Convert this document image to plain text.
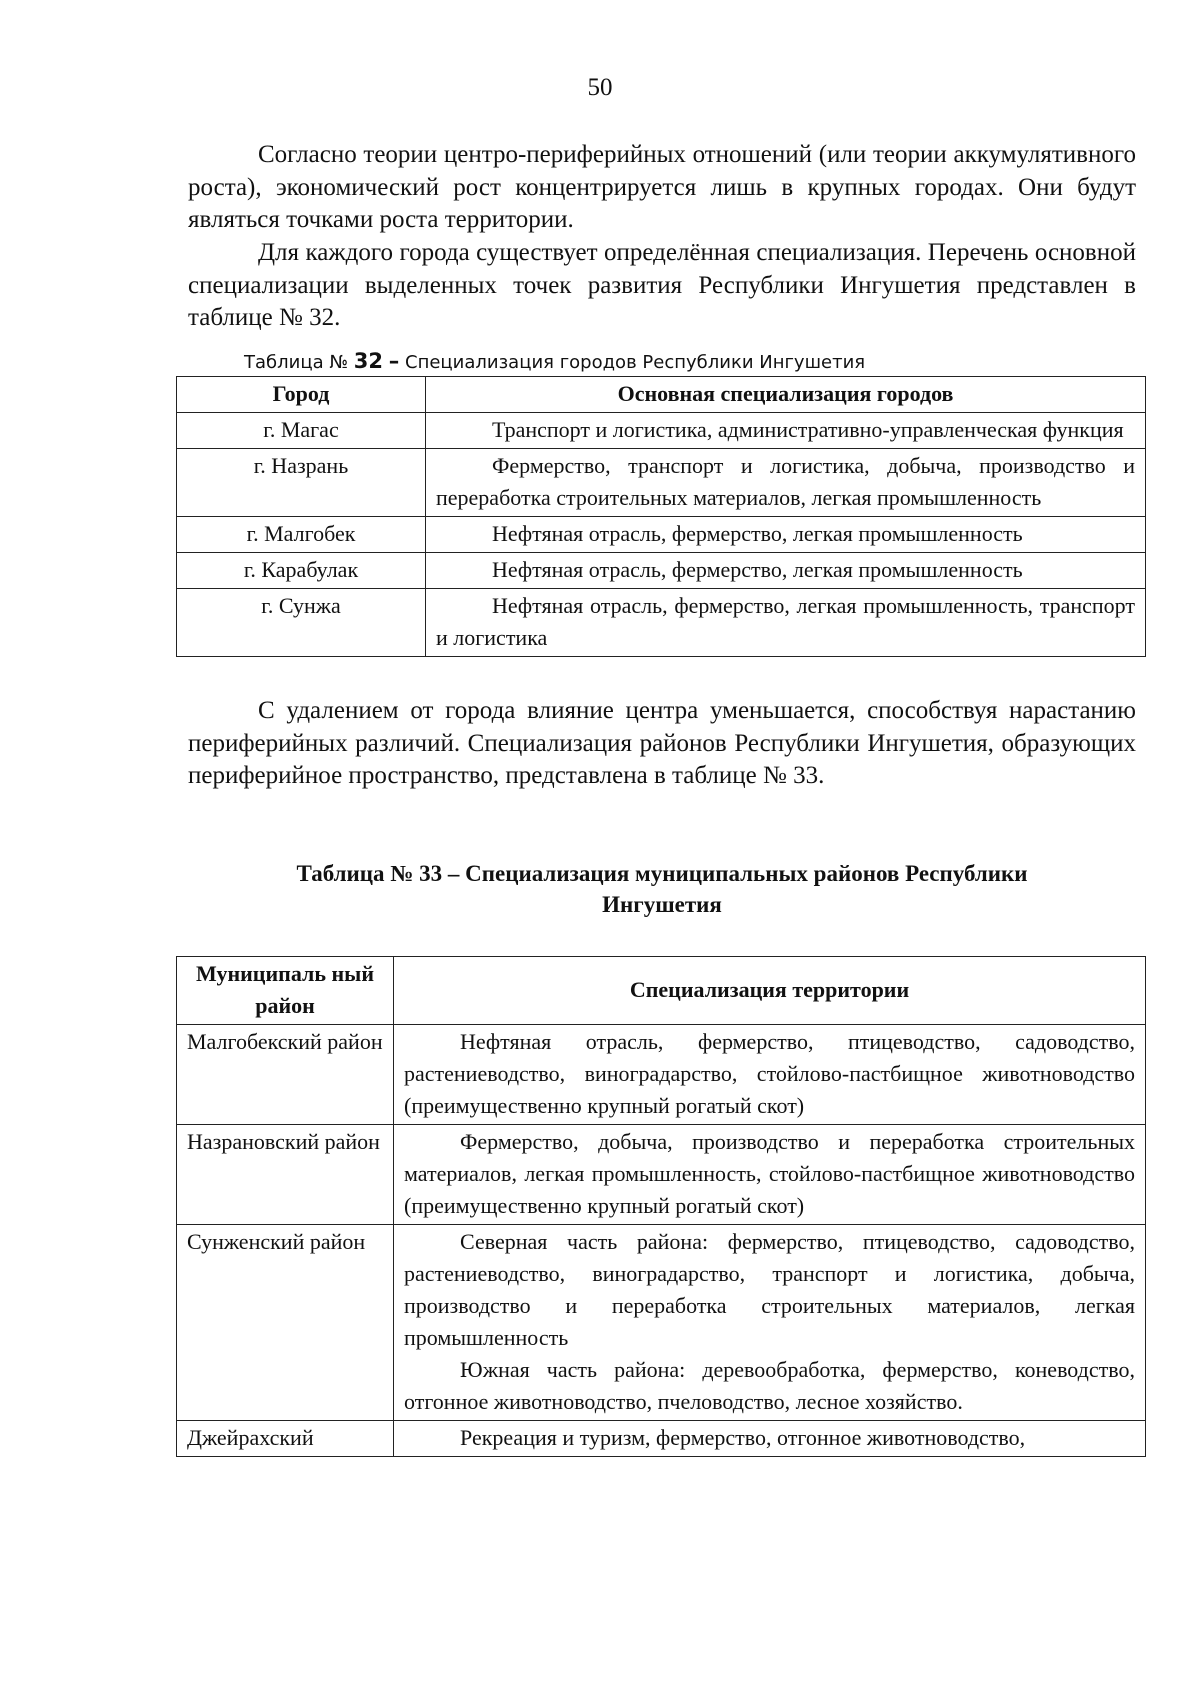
50

Согласно теории центро-периферийных отношений (или теории аккумулятивного роста), экономический рост концентрируется лишь в крупных городах. Они будут являться точками роста территории.

Для каждого города существует определённая специализация. Перечень основной специализации выделенных точек развития Республики Ингушетия представлен в таблице № 32.

Таблица № 32 – Специализация городов Республики Ингушетия
Город	Основная специализация городов
г. Магас	Транспорт и логистика, административно-управленческая функция

г. Назрань	Фермерство, транспорт и логистика, добыча, производство и переработка строительных материалов, легкая промышленность

г. Малгобек	Нефтяная отрасль, фермерство, легкая промышленность

г. Карабулак	Нефтяная отрасль, фермерство, легкая промышленность

г. Сунжа	Нефтяная отрасль, фермерство, легкая промышленность, транспорт и логистика

С удалением от города влияние центра уменьшается, способствуя нарастанию периферийных различий. Специализация районов Республики Ингушетия, образующих периферийное пространство, представлена в таблице № 33.

Таблица № 33 – Специализация муниципальных районов Республики
Ингушетия
Муниципаль ный район	Специализация территории
Малгобекский район	Нефтяная отрасль, фермерство, птицеводство, садоводство, растениеводство, виноградарство, стойлово-пастбищное животноводство (преимущественно крупный рогатый скот)

Назрановский район	Фермерство, добыча, производство и переработка строительных материалов, легкая промышленность, стойлово-пастбищное животноводство (преимущественно крупный рогатый скот)

Сунженский район	Северная часть района: фермерство, птицеводство, садоводство, растениеводство, виноградарство, транспорт и логистика, добыча, производство и переработка строительных материалов, легкая промышленность

Южная часть района: деревообработка, фермерство, коневодство, отгонное животноводство, пчеловодство, лесное хозяйство.

Джейрахский	Рекреация и туризм, фермерство, отгонное животноводство,
